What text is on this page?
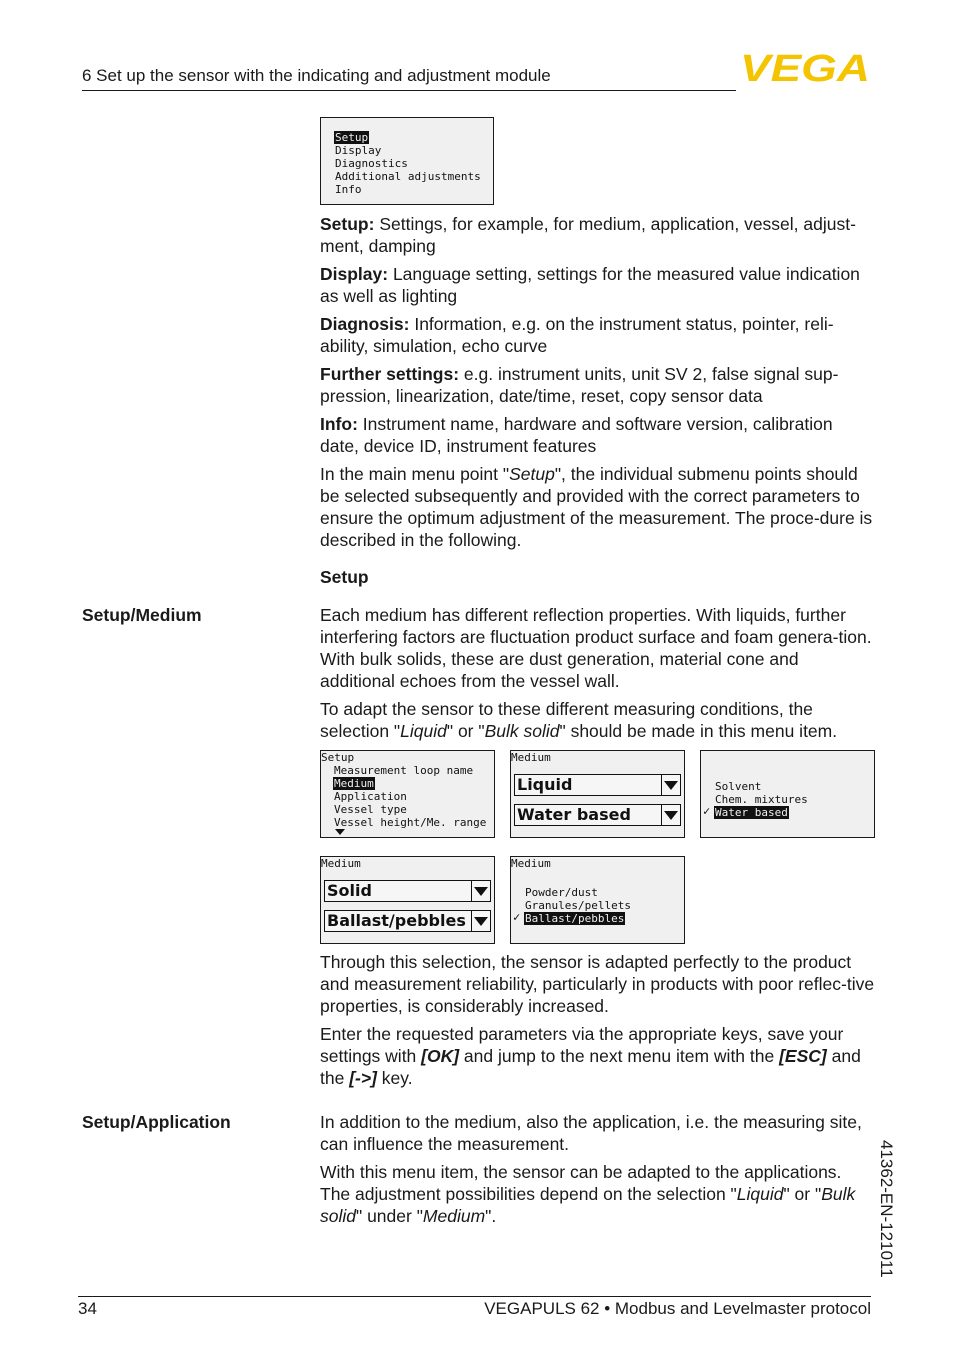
6 Set up the sensor with the indicating and adjustment module	VEGA
Setup
Display
Diagnostics
Additional adjustments
Info

Setup: Settings, for example, for medium, application, vessel, adjust-ment, damping

Display: Language setting, settings for the measured value indication as well as lighting

Diagnosis: Information, e.g. on the instrument status, pointer, reli-ability, simulation, echo curve

Further settings: e.g. instrument units, unit SV 2, false signal sup-pression, linearization, date/time, reset, copy sensor data

Info: Instrument name, hardware and software version, calibration date, device ID, instrument features

In the main menu point "Setup", the individual submenu points should be selected subsequently and provided with the correct parameters to ensure the optimum adjustment of the measurement. The proce-dure is described in the following.

Setup
Setup/Medium	Each medium has different reflection properties. With liquids, further interfering factors are fluctuation product surface and foam genera-tion. With bulk solids, these are dust generation, material cone and additional echoes from the vessel wall.

To adapt the sensor to these different measuring conditions, the selection "Liquid" or "Bulk solid" should be made in this menu item.

Setup
Measurement loop name
Medium
Application
Vessel type
Vessel height/Me. range
Medium
Liquid
Water based
Solvent
Chem. mixtures
✓ Water based
Medium
Solid
Ballast/pebbles
Medium
Powder/dust
Granules/pellets
✓ Ballast/pebbles

Through this selection, the sensor is adapted perfectly to the product and measurement reliability, particularly in products with poor reflec-tive properties, is considerably increased.

Enter the requested parameters via the appropriate keys, save your settings with [OK] and jump to the next menu item with the [ESC] and the [->] key.

Setup/Application	In addition to the medium, also the application, i.e. the measuring site, can influence the measurement.

With this menu item, the sensor can be adapted to the applications. The adjustment possibilities depend on the selection "Liquid" or "Bulk solid" under "Medium".	41362-EN-121011
34	VEGAPULS 62 • Modbus and Levelmaster protocol
